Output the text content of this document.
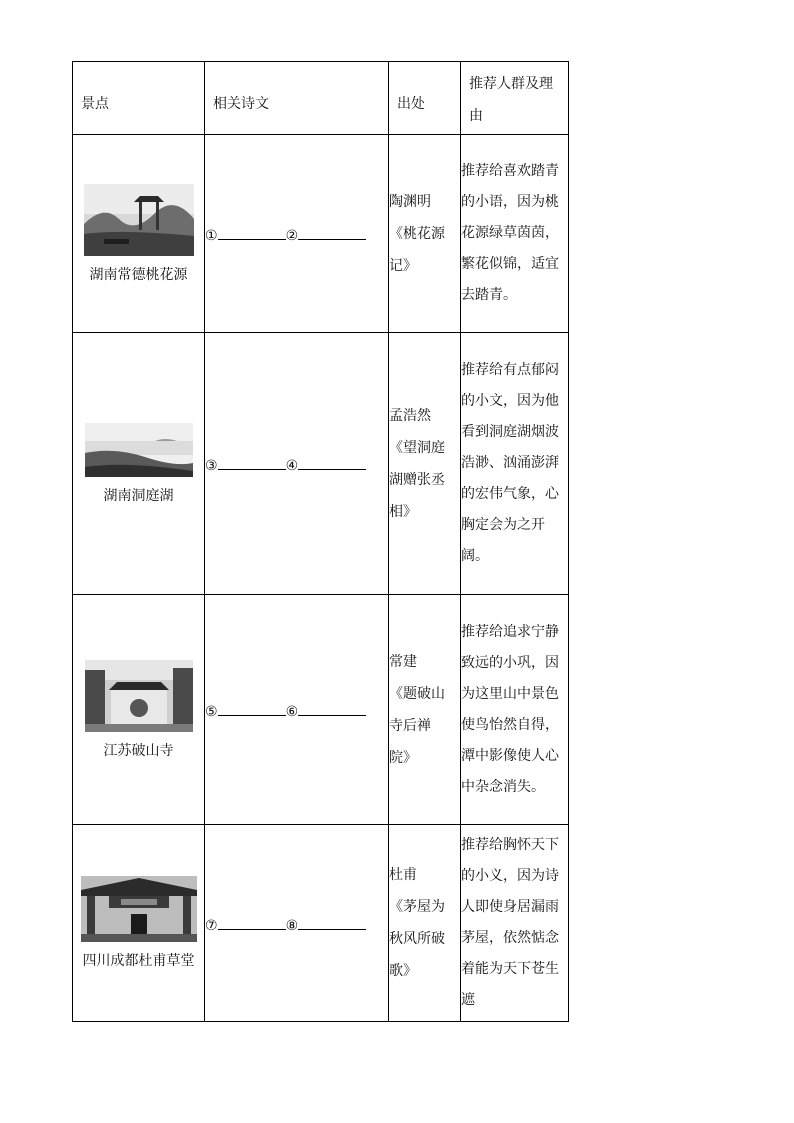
景点	相关诗文	出处	推荐人群及理由

湖南常德桃花源	① ②	陶渊明
《桃花源
记》	推荐给喜欢踏青的小语，因为桃花源绿草茵茵，繁花似锦，适宜去踏青。

湖南洞庭湖	③ ④	孟浩然
《望洞庭
湖赠张丞
相》	推荐给有点郁闷的小文，因为他看到洞庭湖烟波浩渺、汹涌澎湃的宏伟气象，心胸定会为之开阔。

江苏破山寺	⑤ ⑥	常建
《题破山
寺后禅
院》	推荐给追求宁静致远的小巩，因为这里山中景色使鸟怡然自得，潭中影像使人心中杂念消失。

四川成都杜甫草堂	⑦ ⑧	杜甫
《茅屋为
秋风所破
歌》	推荐给胸怀天下的小义，因为诗人即使身居漏雨茅屋，依然惦念着能为天下苍生遮
